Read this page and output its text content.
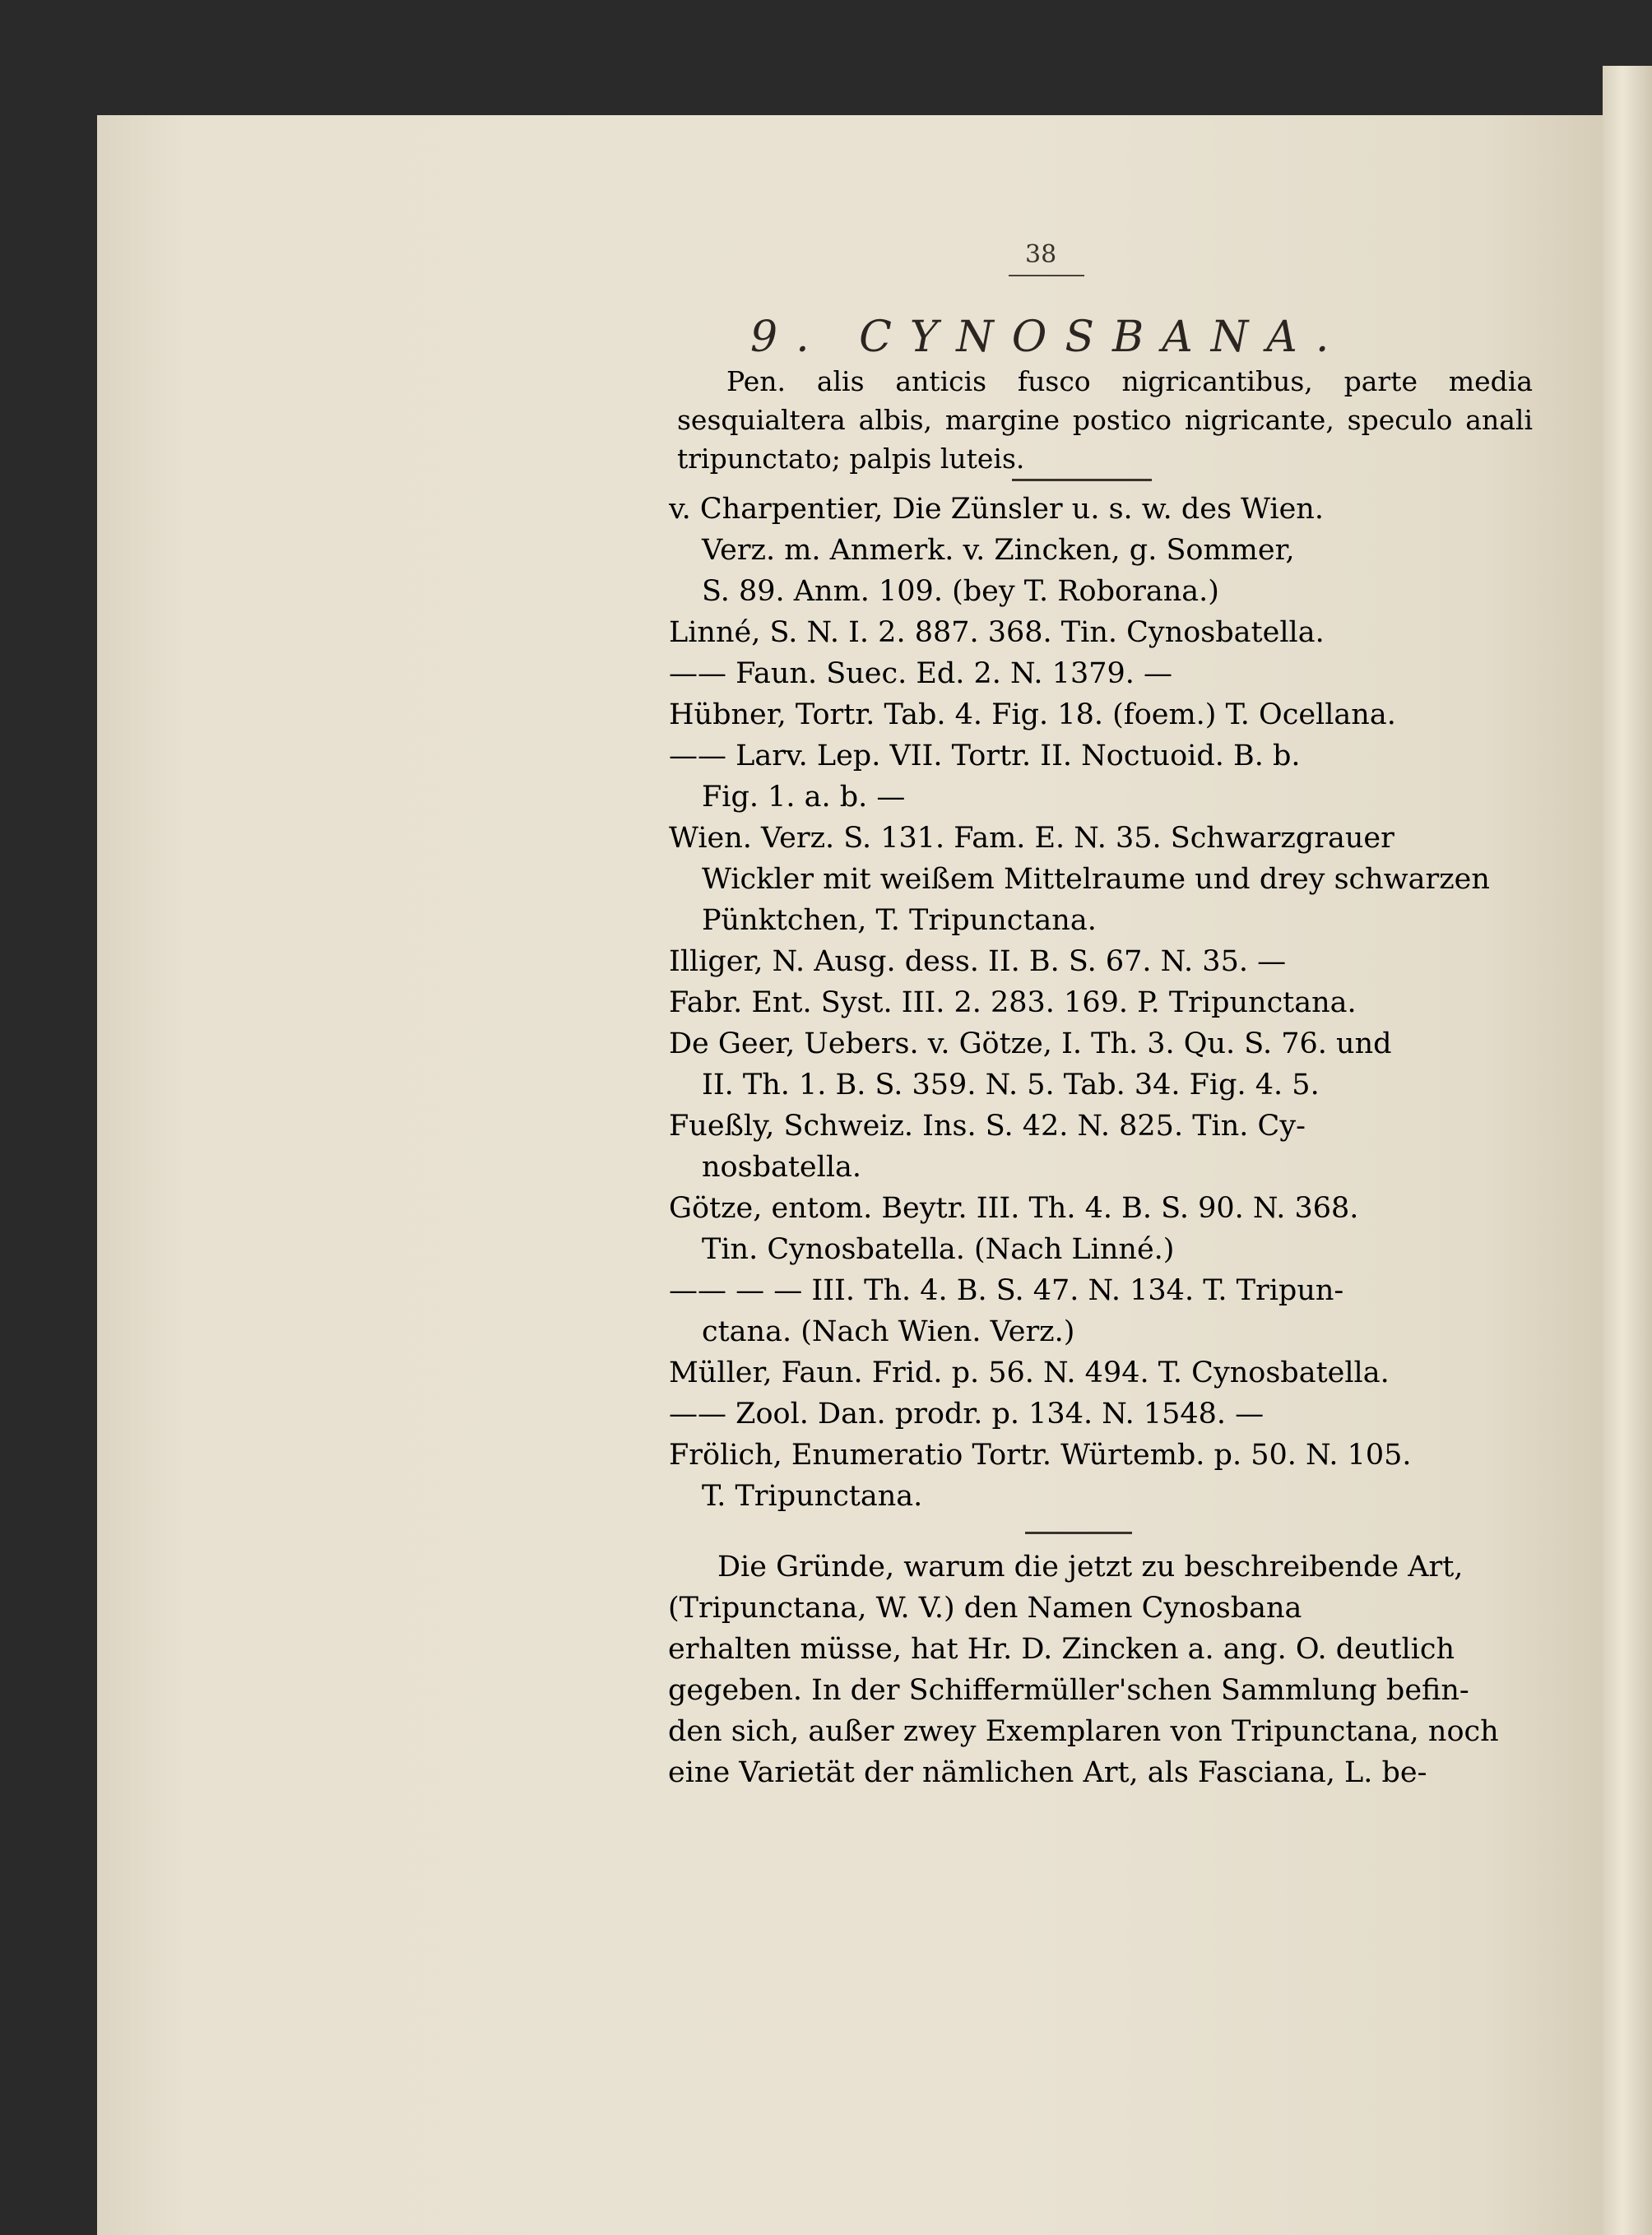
38
9. CYNOSBANA.
Pen. alis anticis fusco nigricantibus, parte media sesquialtera albis, margine postico nigricante, speculo anali tripunctato; palpis luteis.
v. Charpentier, Die Zünsler u. s. w. des Wien.
Verz. m. Anmerk. v. Zincken, g. Sommer,
S. 89. Anm. 109. (bey T. Roborana.)
Linné, S. N. I. 2. 887. 368. Tin. Cynosbatella.
—— Faun. Suec. Ed. 2. N. 1379. —
Hübner, Tortr. Tab. 4. Fig. 18. (foem.) T. Ocellana.
—— Larv. Lep. VII. Tortr. II. Noctuoid. B. b.
Fig. 1. a. b. —
Wien. Verz. S. 131. Fam. E. N. 35. Schwarzgrauer
Wickler mit weißem Mittelraume und drey schwarzen
Pünktchen, T. Tripunctana.
Illiger, N. Ausg. dess. II. B. S. 67. N. 35. —
Fabr. Ent. Syst. III. 2. 283. 169. P. Tripunctana.
De Geer, Uebers. v. Götze, I. Th. 3. Qu. S. 76. und
II. Th. 1. B. S. 359. N. 5. Tab. 34. Fig. 4. 5.
Fueßly, Schweiz. Ins. S. 42. N. 825. Tin. Cy-
nosbatella.
Götze, entom. Beytr. III. Th. 4. B. S. 90. N. 368.
Tin. Cynosbatella. (Nach Linné.)
—— — — III. Th. 4. B. S. 47. N. 134. T. Tripun-
ctana. (Nach Wien. Verz.)
Müller, Faun. Frid. p. 56. N. 494. T. Cynosbatella.
—— Zool. Dan. prodr. p. 134. N. 1548. —
Frölich, Enumeratio Tortr. Würtemb. p. 50. N. 105.
T. Tripunctana.
Die Gründe, warum die jetzt zu beschreibende Art,
(Tripunctana, W. V.) den Namen Cynosbana
erhalten müsse, hat Hr. D. Zincken a. ang. O. deutlich
gegeben. In der Schiffermüller'schen Sammlung befin-
den sich, außer zwey Exemplaren von Tripunctana, noch
eine Varietät der nämlichen Art, als Fasciana, L. be-
